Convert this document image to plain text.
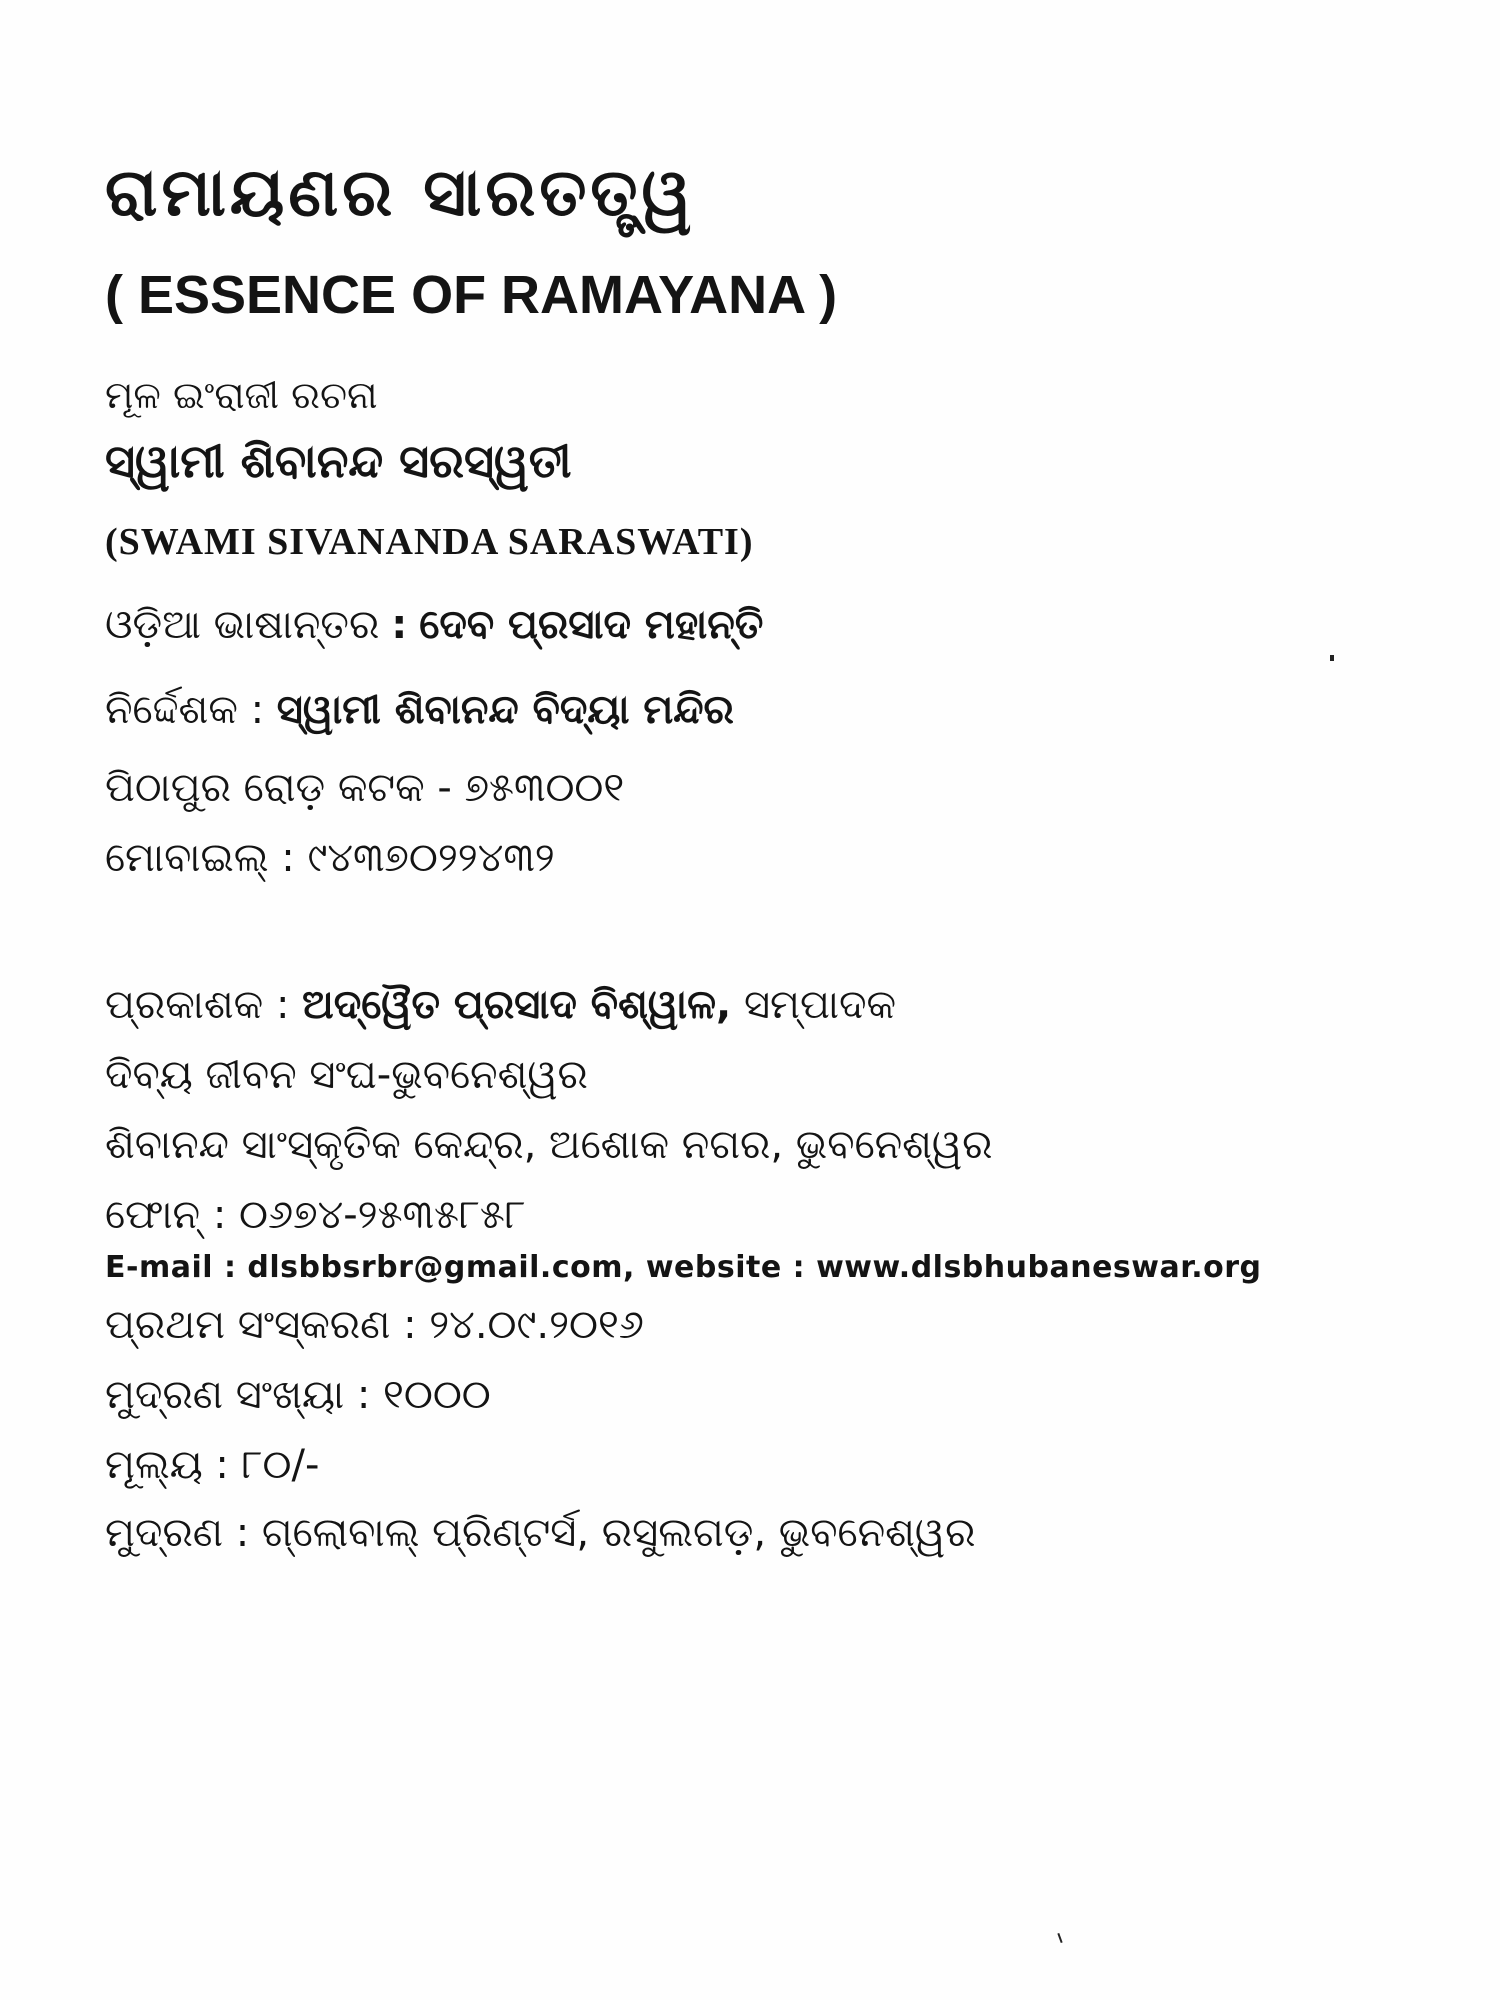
ରାମାୟଣର ସାରତତ୍ତ୍ୱ
( ESSENCE OF RAMAYANA )
ମୂଳ ଇଂରାଜୀ ରଚନା
ସ୍ୱାମୀ ଶିବାନନ୍ଦ ସରସ୍ୱତୀ
(SWAMI SIVANANDA SARASWATI)
ଓଡ଼ିଆ ଭାଷାନ୍ତର : ଦେବ ପ୍ରସାଦ ମହାନ୍ତି
ନିର୍ଦ୍ଦେଶକ : ସ୍ୱାମୀ ଶିବାନନ୍ଦ ବିଦ୍ୟା ମନ୍ଦିର
ପିଠାପୁର ରୋଡ଼ କଟକ - ୭୫୩୦୦୧
ମୋବାଇଲ୍ : ୯୪୩୭୦୨୨୪୩୨
ପ୍ରକାଶକ : ଅଦ୍ୱୈତ ପ୍ରସାଦ ବିଶ୍ୱାଳ, ସମ୍ପାଦକ
ଦିବ୍ୟ ଜୀବନ ସଂଘ-ଭୁବନେଶ୍ୱର
ଶିବାନନ୍ଦ ସାଂସ୍କୃତିକ କେନ୍ଦ୍ର, ଅଶୋକ ନଗର, ଭୁବନେଶ୍ୱର
ଫୋନ୍ : ୦୬୭୪-୨୫୩୫୮୫୮
E-mail : dlsbbsrbr@gmail.com, website : www.dlsbhubaneswar.org
ପ୍ରଥମ ସଂସ୍କରଣ : ୨୪.୦୯.୨୦୧୬
ମୁଦ୍ରଣ ସଂଖ୍ୟା : ୧୦୦୦
ମୂଲ୍ୟ : ୮୦/-
ମୁଦ୍ରଣ : ଗ୍ଲୋବାଲ୍ ପ୍ରିଣ୍ଟର୍ସ, ରସୁଲଗଡ଼, ଭୁବନେଶ୍ୱର
